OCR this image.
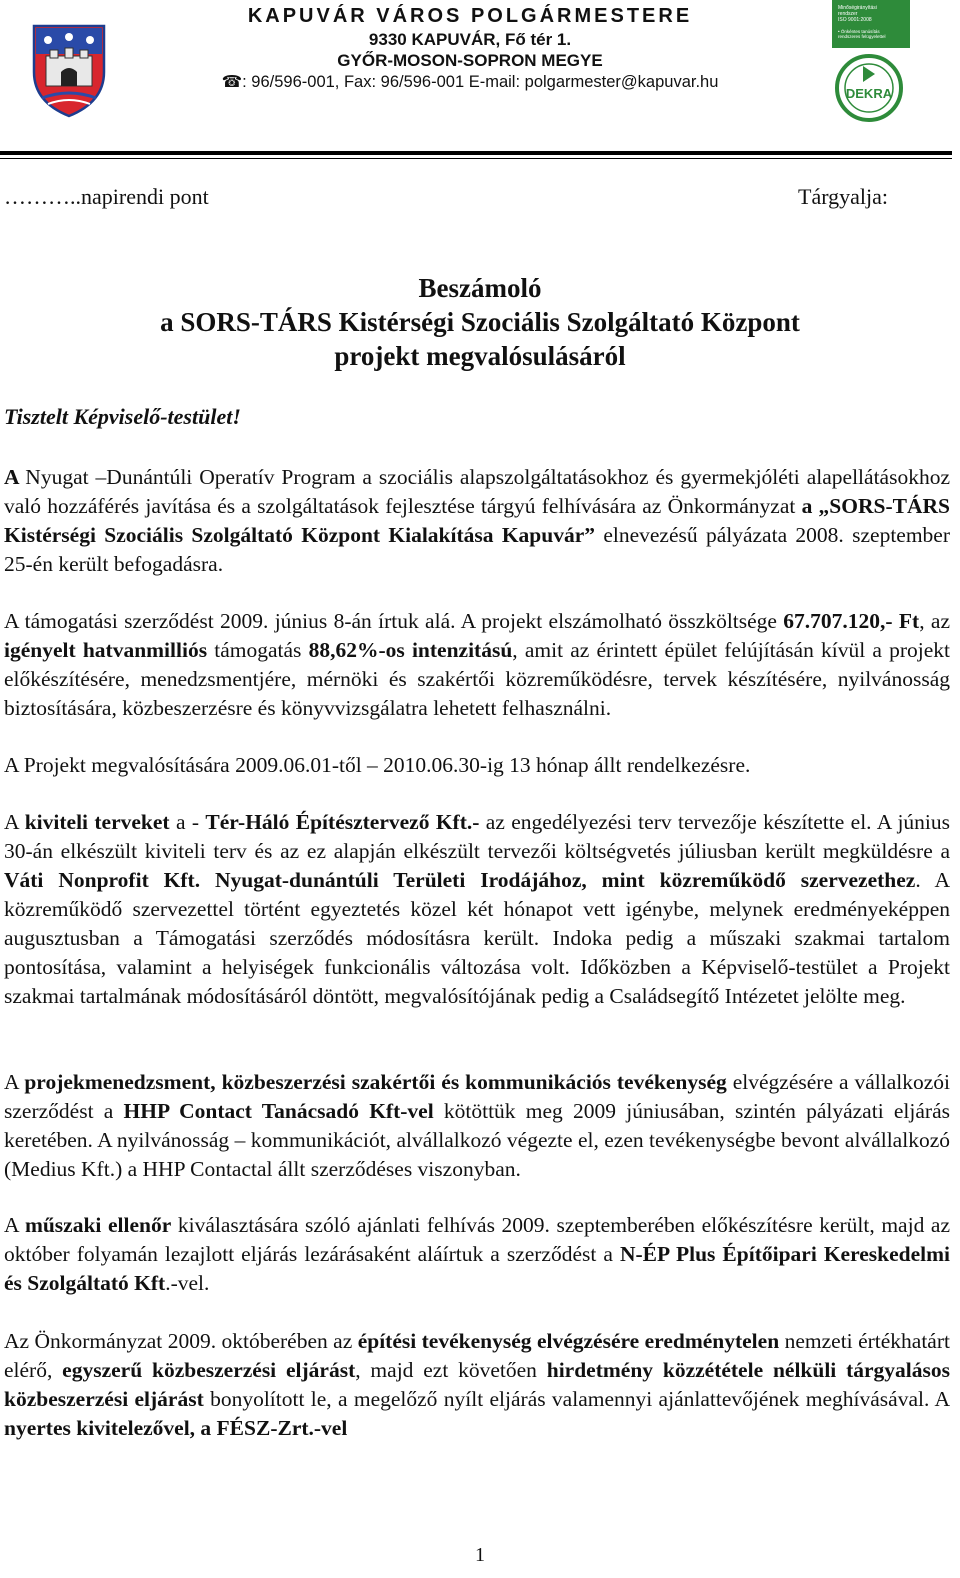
KAPUVÁR VÁROS POLGÁRMESTERE
9330 KAPUVÁR, Fő tér 1.
GYŐR-MOSON-SOPRON MEGYE
☎: 96/596-001, Fax: 96/596-001 E-mail: polgarmester@kapuvar.hu
Minőségirányítási rendszer ISO 9001:2008
• Önkéntes tanúsítás rendszeres felügyelettel
DEKRA
………..napirendi pont	Tárgyalja:
Beszámoló
a SORS-TÁRS Kistérségi Szociális Szolgáltató Központ
projekt megvalósulásáról
Tisztelt Képviselő-testület!
A Nyugat –Dunántúli Operatív Program a szociális alapszolgáltatásokhoz és gyermekjóléti alapellátásokhoz való hozzáférés javítása és a szolgáltatások fejlesztése tárgyú felhívására az Önkormányzat a „SORS-TÁRS Kistérségi Szociális Szolgáltató Központ Kialakítása Kapuvár” elnevezésű pályázata 2008. szeptember 25-én került befogadásra.
A támogatási szerződést 2009. június 8-án írtuk alá. A projekt elszámolható összköltsége 67.707.120,- Ft, az igényelt hatvanmilliós támogatás 88,62%-os intenzitású, amit az érintett épület felújításán kívül a projekt előkészítésére, menedzsmentjére, mérnöki és szakértői közreműködésre, tervek készítésére, nyilvánosság biztosítására, közbeszerzésre és könyvvizsgálatra lehetett felhasználni.
A Projekt megvalósítására 2009.06.01-től – 2010.06.30-ig 13 hónap állt rendelkezésre.
A kiviteli terveket a - Tér-Háló Építésztervező Kft.- az engedélyezési terv tervezője készítette el. A június 30-án elkészült kiviteli terv és az ez alapján elkészült tervezői költségvetés júliusban került megküldésre a Váti Nonprofit Kft. Nyugat-dunántúli Területi Irodájához, mint közreműködő szervezethez. A közreműködő szervezettel történt egyeztetés közel két hónapot vett igénybe, melynek eredményeképpen augusztusban a Támogatási szerződés módosításra került. Indoka pedig a műszaki szakmai tartalom pontosítása, valamint a helyiségek funkcionális változása volt. Időközben a Képviselő-testület a Projekt szakmai tartalmának módosításáról döntött, megvalósítójának pedig a Családsegítő Intézetet jelölte meg.
A projekmenedzsment, közbeszerzési szakértői és kommunikációs tevékenység elvégzésére a vállalkozói szerződést a HHP Contact Tanácsadó Kft-vel kötöttük meg 2009 júniusában, szintén pályázati eljárás keretében. A nyilvánosság – kommunikációt, alvállalkozó végezte el, ezen tevékenységbe bevont alvállalkozó (Medius Kft.) a HHP Contactal állt szerződéses viszonyban.
A műszaki ellenőr kiválasztására szóló ajánlati felhívás 2009. szeptemberében előkészítésre került, majd az október folyamán lezajlott eljárás lezárásaként aláírtuk a szerződést a N-ÉP Plus Építőipari Kereskedelmi és Szolgáltató Kft.-vel.
Az Önkormányzat 2009. októberében az építési tevékenység elvégzésére eredménytelen nemzeti értékhatárt elérő, egyszerű közbeszerzési eljárást, majd ezt követően hirdetmény közzététele nélküli tárgyalásos közbeszerzési eljárást bonyolított le, a megelőző nyílt eljárás valamennyi ajánlattevőjének meghívásával. A nyertes kivitelezővel, a FÉSZ-Zrt.-vel
1
